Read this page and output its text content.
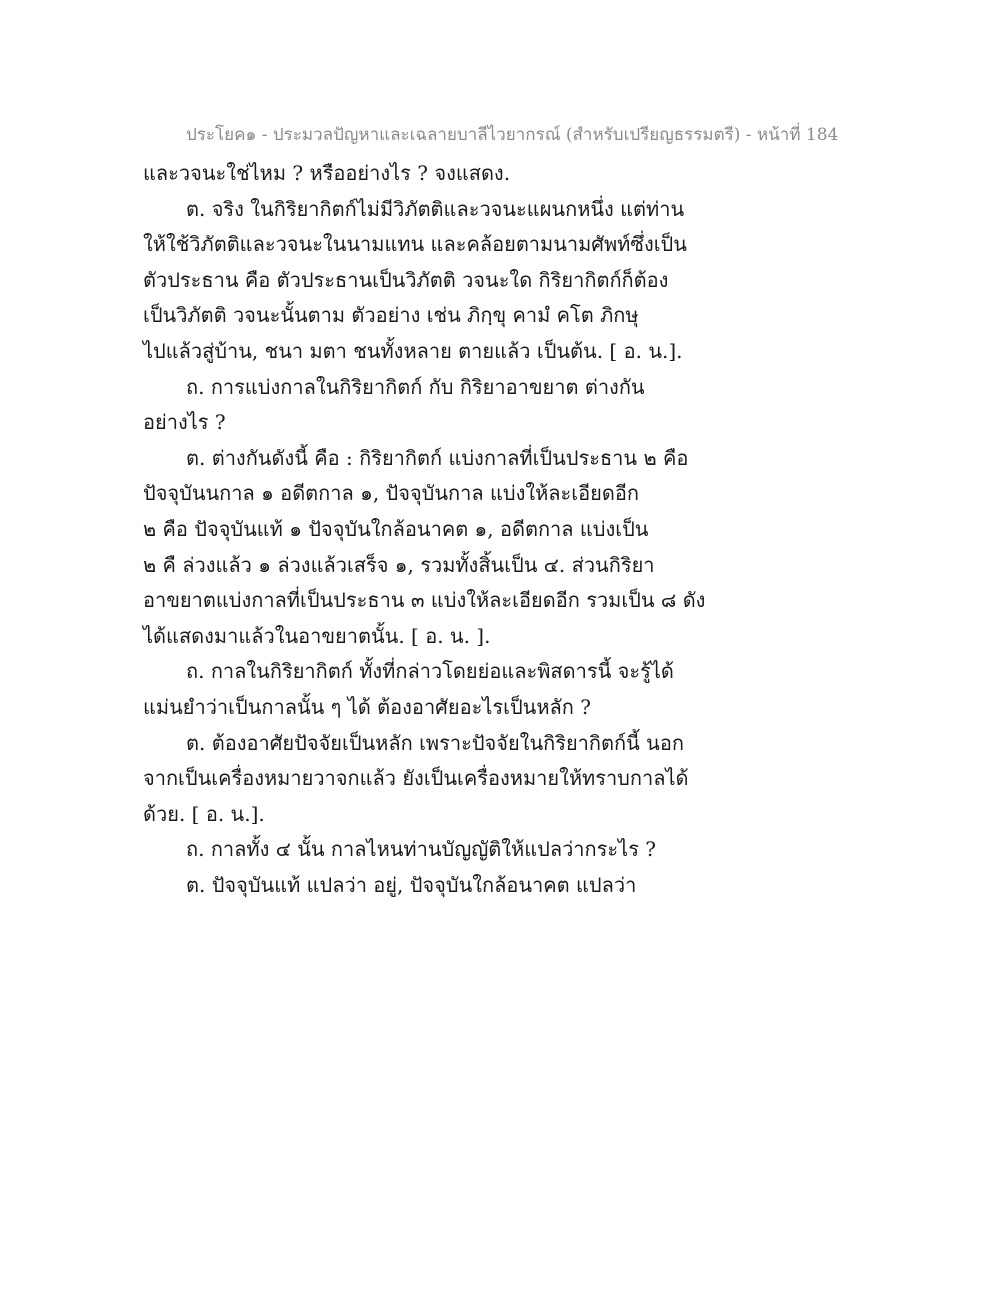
ประโยค๑ - ประมวลปัญหาและเฉลายบาลีไวยากรณ์ (สำหรับเปรียญธรรมตรี) - หน้าที่ 184
และวจนะใช่ไหม ? หรืออย่างไร ? จงแสดง.
ต. จริง ในกิริยากิตก์ไม่มีวิภัตติและวจนะแผนกหนึ่ง แต่ท่าน
ให้ใช้วิภัตติและวจนะในนามแทน และคล้อยตามนามศัพท์ซึ่งเป็น
ตัวประธาน คือ ตัวประธานเป็นวิภัตติ วจนะใด กิริยากิตก์ก็ต้อง
เป็นวิภัตติ วจนะนั้นตาม ตัวอย่าง เช่น ภิกฺขุ คามํ คโต ภิกษุ
ไปแล้วสู่บ้าน, ชนา มตา ชนทั้งหลาย ตายแล้ว เป็นต้น. [ อ. น.].
ถ. การแบ่งกาลในกิริยากิตก์ กับ กิริยาอาขยาต ต่างกัน
อย่างไร ?
ต. ต่างกันดังนี้ คือ : กิริยากิตก์ แบ่งกาลที่เป็นประธาน ๒ คือ
ปัจจุบันนกาล ๑ อดีตกาล ๑, ปัจจุบันกาล แบ่งให้ละเอียดอีก
๒ คือ ปัจจุบันแท้ ๑ ปัจจุบันใกล้อนาคต ๑, อดีตกาล แบ่งเป็น
๒ คื ล่วงแล้ว ๑ ล่วงแล้วเสร็จ ๑, รวมทั้งสิ้นเป็น ๔. ส่วนกิริยา
อาขยาตแบ่งกาลที่เป็นประธาน ๓ แบ่งให้ละเอียดอีก รวมเป็น ๘ ดัง
ได้แสดงมาแล้วในอาขยาตนั้น. [ อ. น. ].
ถ. กาลในกิริยากิตก์ ทั้งที่กล่าวโดยย่อและพิสดารนี้ จะรู้ได้
แม่นยำว่าเป็นกาลนั้น ๆ ได้ ต้องอาศัยอะไรเป็นหลัก ?
ต. ต้องอาศัยปัจจัยเป็นหลัก เพราะปัจจัยในกิริยากิตก์นี้ นอก
จากเป็นเครื่องหมายวาจกแล้ว ยังเป็นเครื่องหมายให้ทราบกาลได้
ด้วย. [ อ. น.].
ถ. กาลทั้ง ๔ นั้น กาลไหนท่านบัญญัติให้แปลว่ากระไร ?
ต. ปัจจุบันแท้ แปลว่า อยู่, ปัจจุบันใกล้อนาคต แปลว่า
